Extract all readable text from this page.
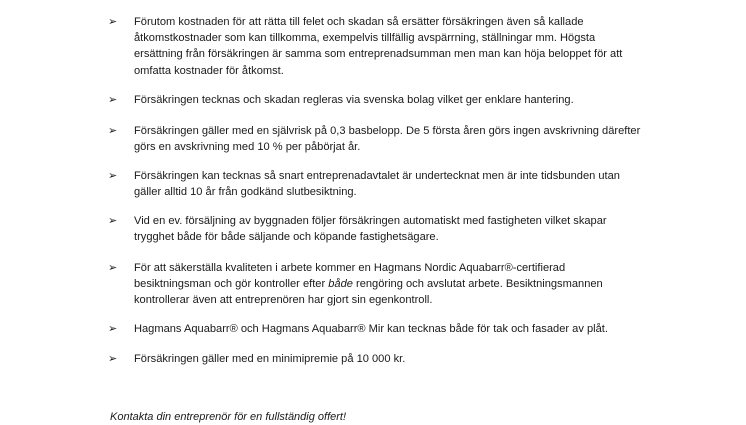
➢ Förutom kostnaden för att rätta till felet och skadan så ersätter försäkringen även så kallade
åtkomstkostnader som kan tillkomma, exempelvis tillfällig avspärrning, ställningar mm. Högsta
ersättning från försäkringen är samma som entreprenadsumman men man kan höja beloppet för att
omfatta kostnader för åtkomst.
➢ Försäkringen tecknas och skadan regleras via svenska bolag vilket ger enklare hantering.
➢ Försäkringen gäller med en självrisk på 0,3 basbelopp. De 5 första åren görs ingen avskrivning därefter
görs en avskrivning med 10 % per påbörjat år.
➢ Försäkringen kan tecknas så snart entreprenadavtalet är undertecknat men är inte tidsbunden utan
gäller alltid 10 år från godkänd slutbesiktning.
➢ Vid en ev. försäljning av byggnaden följer försäkringen automatiskt med fastigheten vilket skapar
trygghet både för både säljande och köpande fastighetsägare.
➢ För att säkerställa kvaliteten i arbete kommer en Hagmans Nordic Aquabarr®-certifierad
besiktningsman och gör kontroller efter både rengöring och avslutat arbete. Besiktningsmannen
kontrollerar även att entreprenören har gjort sin egenkontroll.
➢ Hagmans Aquabarr® och Hagmans Aquabarr® Mir kan tecknas både för tak och fasader av plåt.
➢ Försäkringen gäller med en minimipremie på 10 000 kr.
Kontakta din entreprenör för en fullständig offert!
